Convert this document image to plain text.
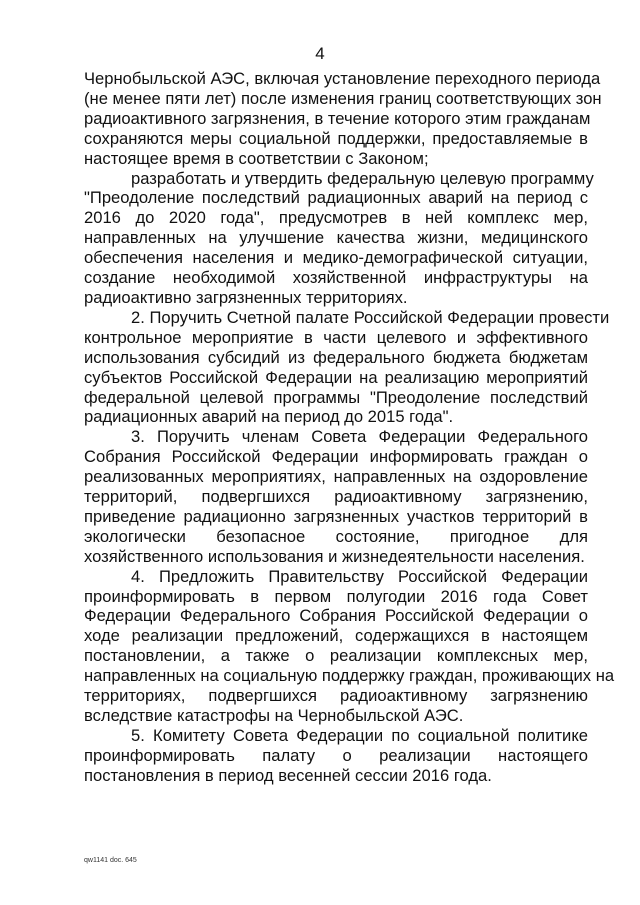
4
Чернобыльской АЭС, включая установление переходного периода
(не менее пяти лет) после изменения границ соответствующих зон
радиоактивного загрязнения, в течение которого этим гражданам
сохраняются меры социальной поддержки, предоставляемые в
настоящее время в соответствии с Законом;
разработать и утвердить федеральную целевую программу
"Преодоление последствий радиационных аварий на период с
2016 до 2020 года", предусмотрев в ней комплекс мер,
направленных на улучшение качества жизни, медицинского
обеспечения населения и медико-демографической ситуации,
создание необходимой хозяйственной инфраструктуры на
радиоактивно загрязненных территориях.
2. Поручить Счетной палате Российской Федерации провести
контрольное мероприятие в части целевого и эффективного
использования субсидий из федерального бюджета бюджетам
субъектов Российской Федерации на реализацию мероприятий
федеральной целевой программы "Преодоление последствий
радиационных аварий на период до 2015 года".
3. Поручить членам Совета Федерации Федерального
Собрания Российской Федерации информировать граждан о
реализованных мероприятиях, направленных на оздоровление
территорий, подвергшихся радиоактивному загрязнению,
приведение радиационно загрязненных участков территорий в
экологически безопасное состояние, пригодное для
хозяйственного использования и жизнедеятельности населения.
4. Предложить Правительству Российской Федерации
проинформировать в первом полугодии 2016 года Совет
Федерации Федерального Собрания Российской Федерации о
ходе реализации предложений, содержащихся в настоящем
постановлении, а также о реализации комплексных мер,
направленных на социальную поддержку граждан, проживающих на
территориях, подвергшихся радиоактивному загрязнению
вследствие катастрофы на Чернобыльской АЭС.
5. Комитету Совета Федерации по социальной политике
проинформировать палату о реализации настоящего
постановления в период весенней сессии 2016 года.
qw1141 doc. 645
